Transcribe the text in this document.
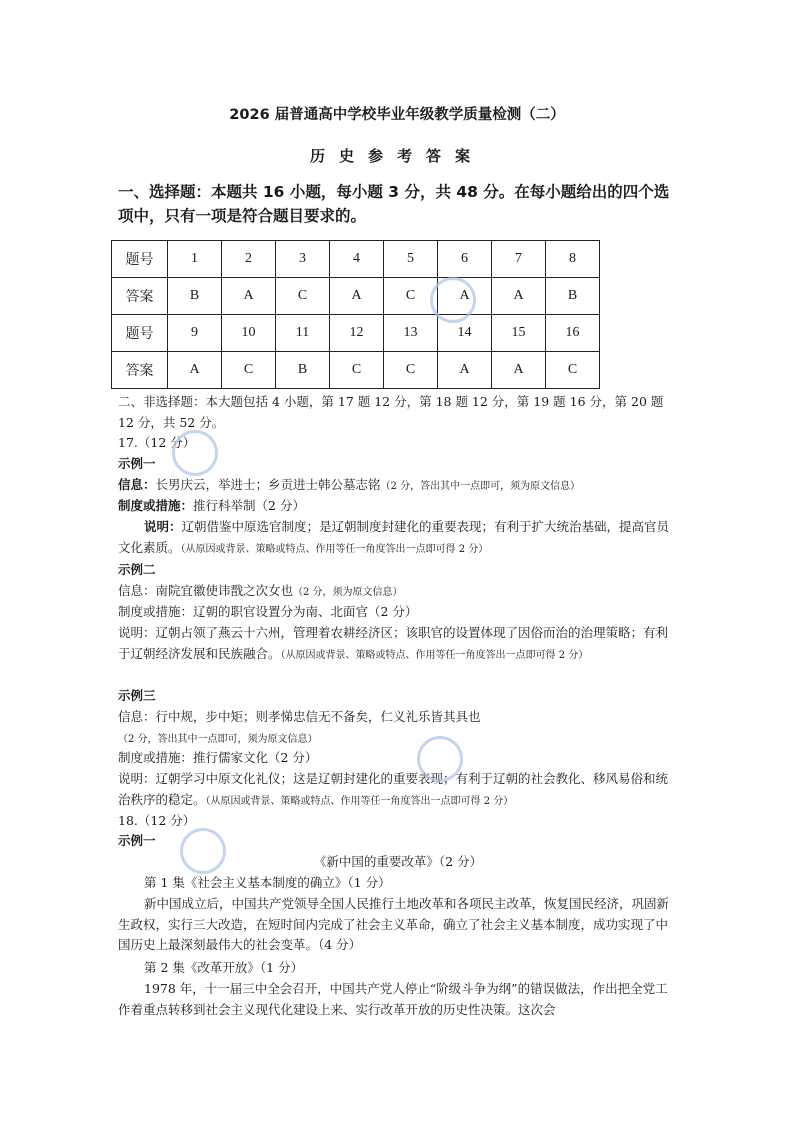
2026 届普通高中学校毕业年级教学质量检测（二）
历史参考答案
一、选择题：本题共 16 小题，每小题 3 分，共 48 分。在每小题给出的四个选项中，只有一项是符合题目要求的。
题号	1	2	3	4	5	6	7	8
答案	B	A	C	A	C	A	A	B
题号	9	10	11	12	13	14	15	16
答案	A	C	B	C	C	A	A	C
二、非选择题：本大题包括 4 小题，第 17 题 12 分，第 18 题 12 分，第 19 题 16 分，第 20 题 12 分，共 52 分。
17.（12 分）
示例一
信息：长男庆云，举进士；乡贡进士韩公墓志铭（2 分，答出其中一点即可，须为原文信息）
制度或措施：推行科举制（2 分）
说明：辽朝借鉴中原选官制度；是辽朝制度封建化的重要表现；有利于扩大统治基础，提高官员文化素质。（从原因或背景、策略或特点、作用等任一角度答出一点即可得 2 分）
示例二
信息：南院宜徽使讳戬之次女也（2 分，须为原文信息）
制度或措施：辽朝的职官设置分为南、北面官（2 分）
说明：辽朝占领了燕云十六州，管理着农耕经济区；该职官的设置体现了因俗而治的治理策略；有利于辽朝经济发展和民族融合。（从原因或背景、策略或特点、作用等任一角度答出一点即可得 2 分）
示例三
信息：行中规，步中矩；则孝悌忠信无不备矣，仁义礼乐皆其具也（2 分，答出其中一点即可，须为原文信息）
制度或措施：推行儒家文化（2 分）
说明：辽朝学习中原文化礼仪；这是辽朝封建化的重要表现；有利于辽朝的社会教化、移风易俗和统治秩序的稳定。（从原因或背景、策略或特点、作用等任一角度答出一点即可得 2 分）
18.（12 分）
示例一
《新中国的重要改革》（2 分）
第 1 集《社会主义基本制度的确立》（1 分）
新中国成立后，中国共产党领导全国人民推行土地改革和各项民主改革，恢复国民经济，巩固新生政权，实行三大改造，在短时间内完成了社会主义革命，确立了社会主义基本制度，成功实现了中国历史上最深刻最伟大的社会变革。（4 分）
第 2 集《改革开放》（1 分）
1978 年，十一届三中全会召开，中国共产党人停止“阶级斗争为纲”的错误做法，作出把全党工作着重点转移到社会主义现代化建设上来、实行改革开放的历史性决策。这次会
